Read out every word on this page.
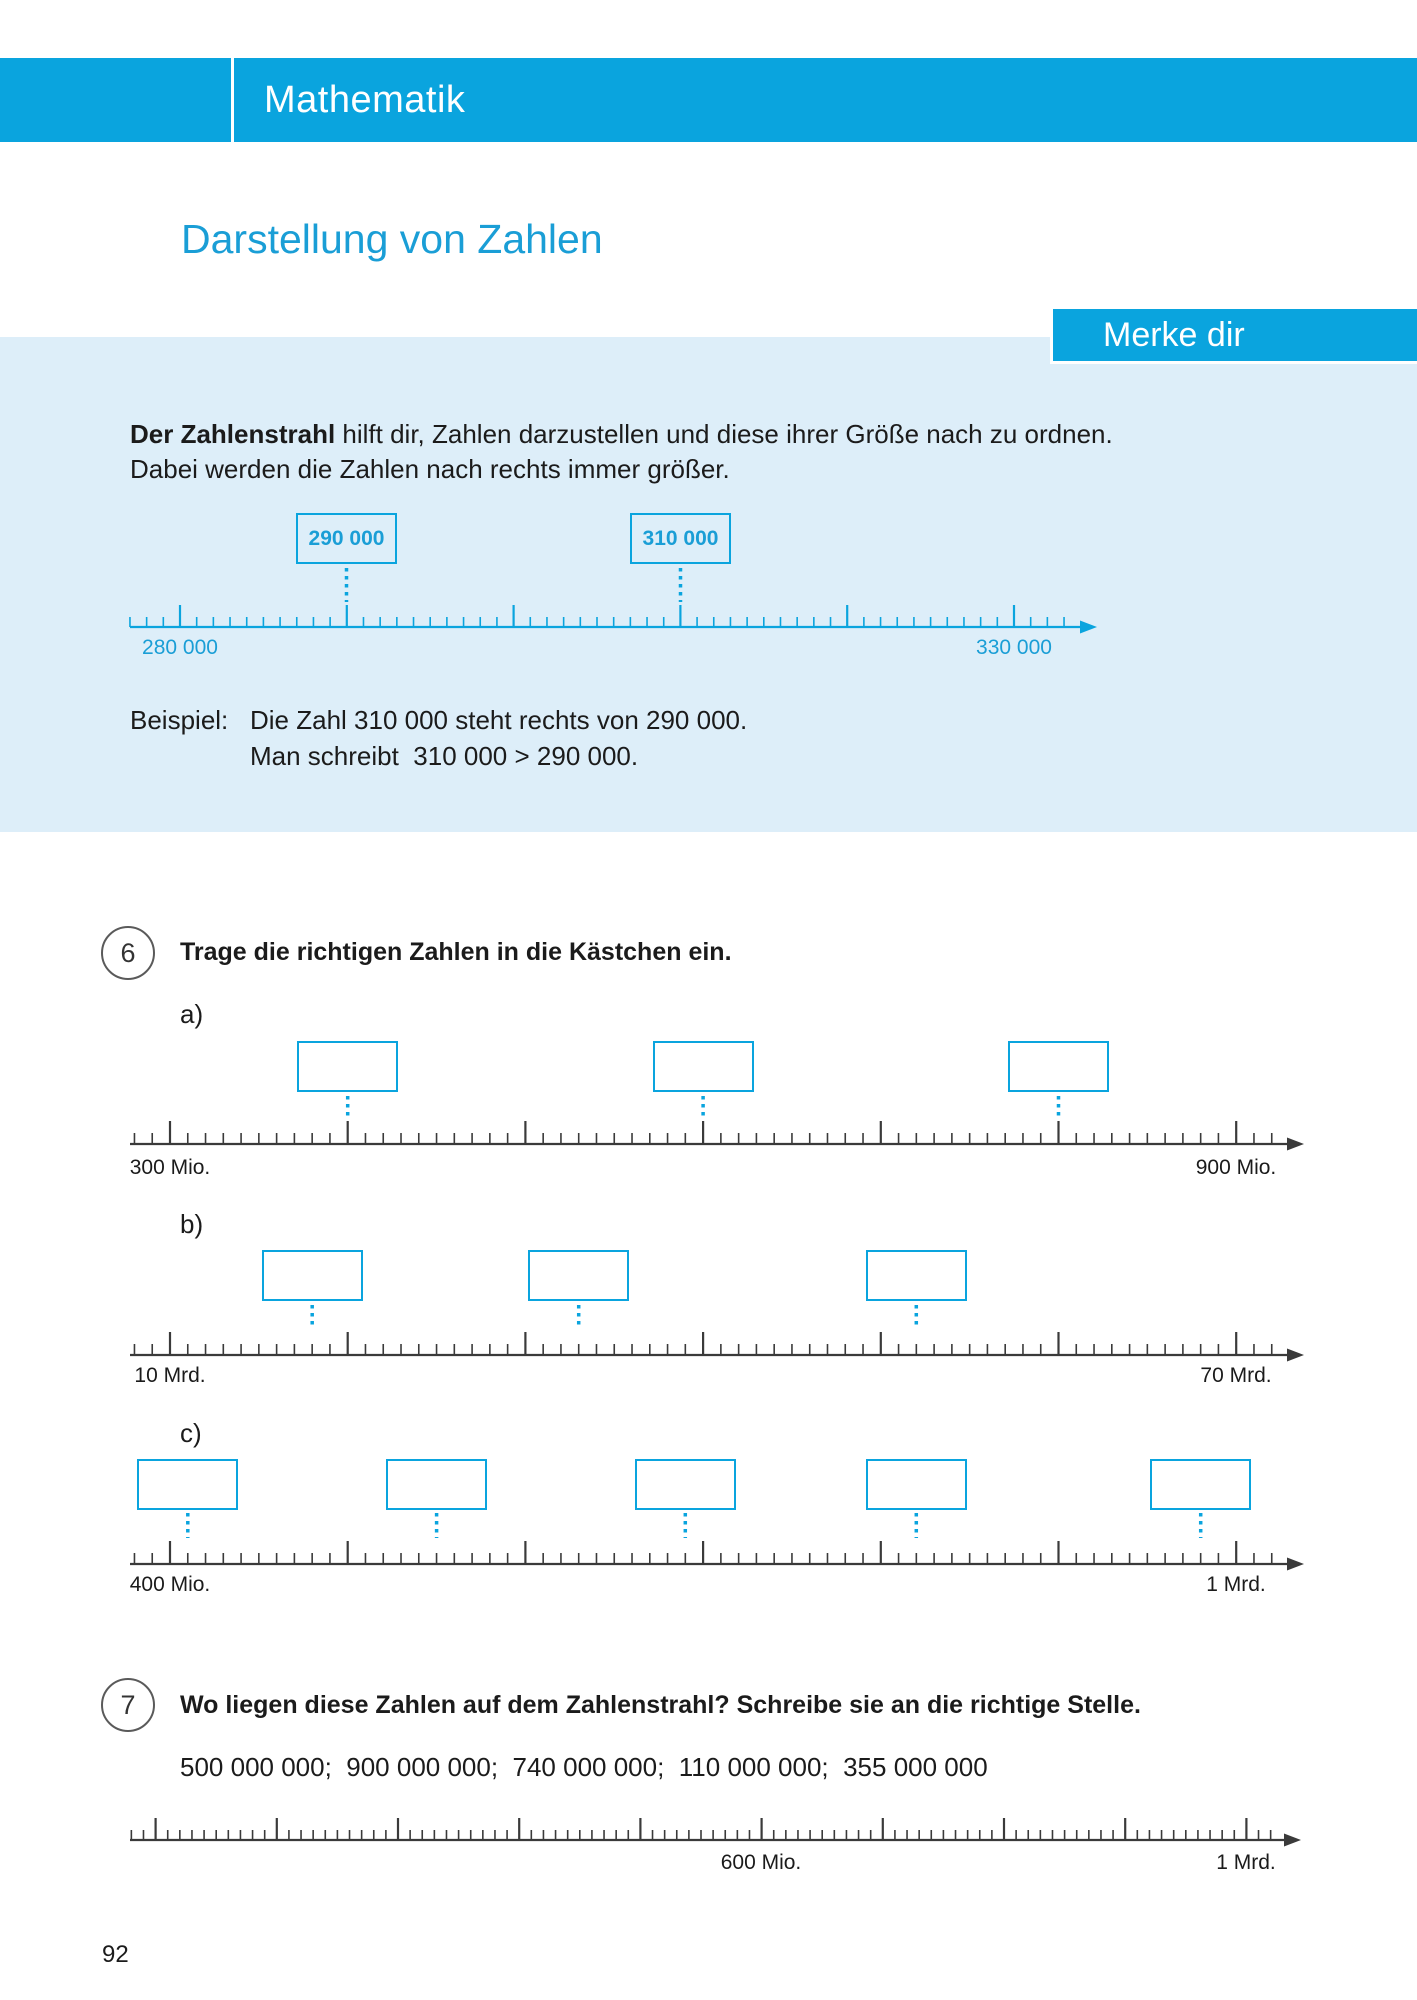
Mathematik
Darstellung von Zahlen
Merke dir
Der Zahlenstrahl hilft dir, Zahlen darzustellen und diese ihrer Größe nach zu ordnen.
Dabei werden die Zahlen nach rechts immer größer.
290 000	310 000
280 000	330 000
Beispiel: Die Zahl 310 000 steht rechts von 290 000.
Man schreibt  310 000 > 290 000.
6	Trage die richtigen Zahlen in die Kästchen ein.
a)
300 Mio.	900 Mio.
b)
10 Mrd.	70 Mrd.
c)
400 Mio.	1 Mrd.
7	Wo liegen diese Zahlen auf dem Zahlenstrahl? Schreibe sie an die richtige Stelle.
500 000 000;  900 000 000;  740 000 000;  110 000 000;  355 000 000
600 Mio.	1 Mrd.
92
